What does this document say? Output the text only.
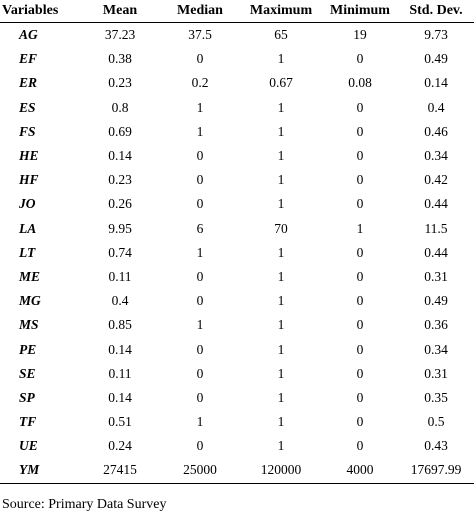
Variables	Mean	Median	Maximum	Minimum	Std. Dev.
AG	37.23	37.5	65	19	9.73
EF	0.38	0	1	0	0.49
ER	0.23	0.2	0.67	0.08	0.14
ES	0.8	1	1	0	0.4
FS	0.69	1	1	0	0.46
HE	0.14	0	1	0	0.34
HF	0.23	0	1	0	0.42
JO	0.26	0	1	0	0.44
LA	9.95	6	70	1	11.5
LT	0.74	1	1	0	0.44
ME	0.11	0	1	0	0.31
MG	0.4	0	1	0	0.49
MS	0.85	1	1	0	0.36
PE	0.14	0	1	0	0.34
SE	0.11	0	1	0	0.31
SP	0.14	0	1	0	0.35
TF	0.51	1	1	0	0.5
UE	0.24	0	1	0	0.43
YM	27415	25000	120000	4000	17697.99
Source: Primary Data Survey
